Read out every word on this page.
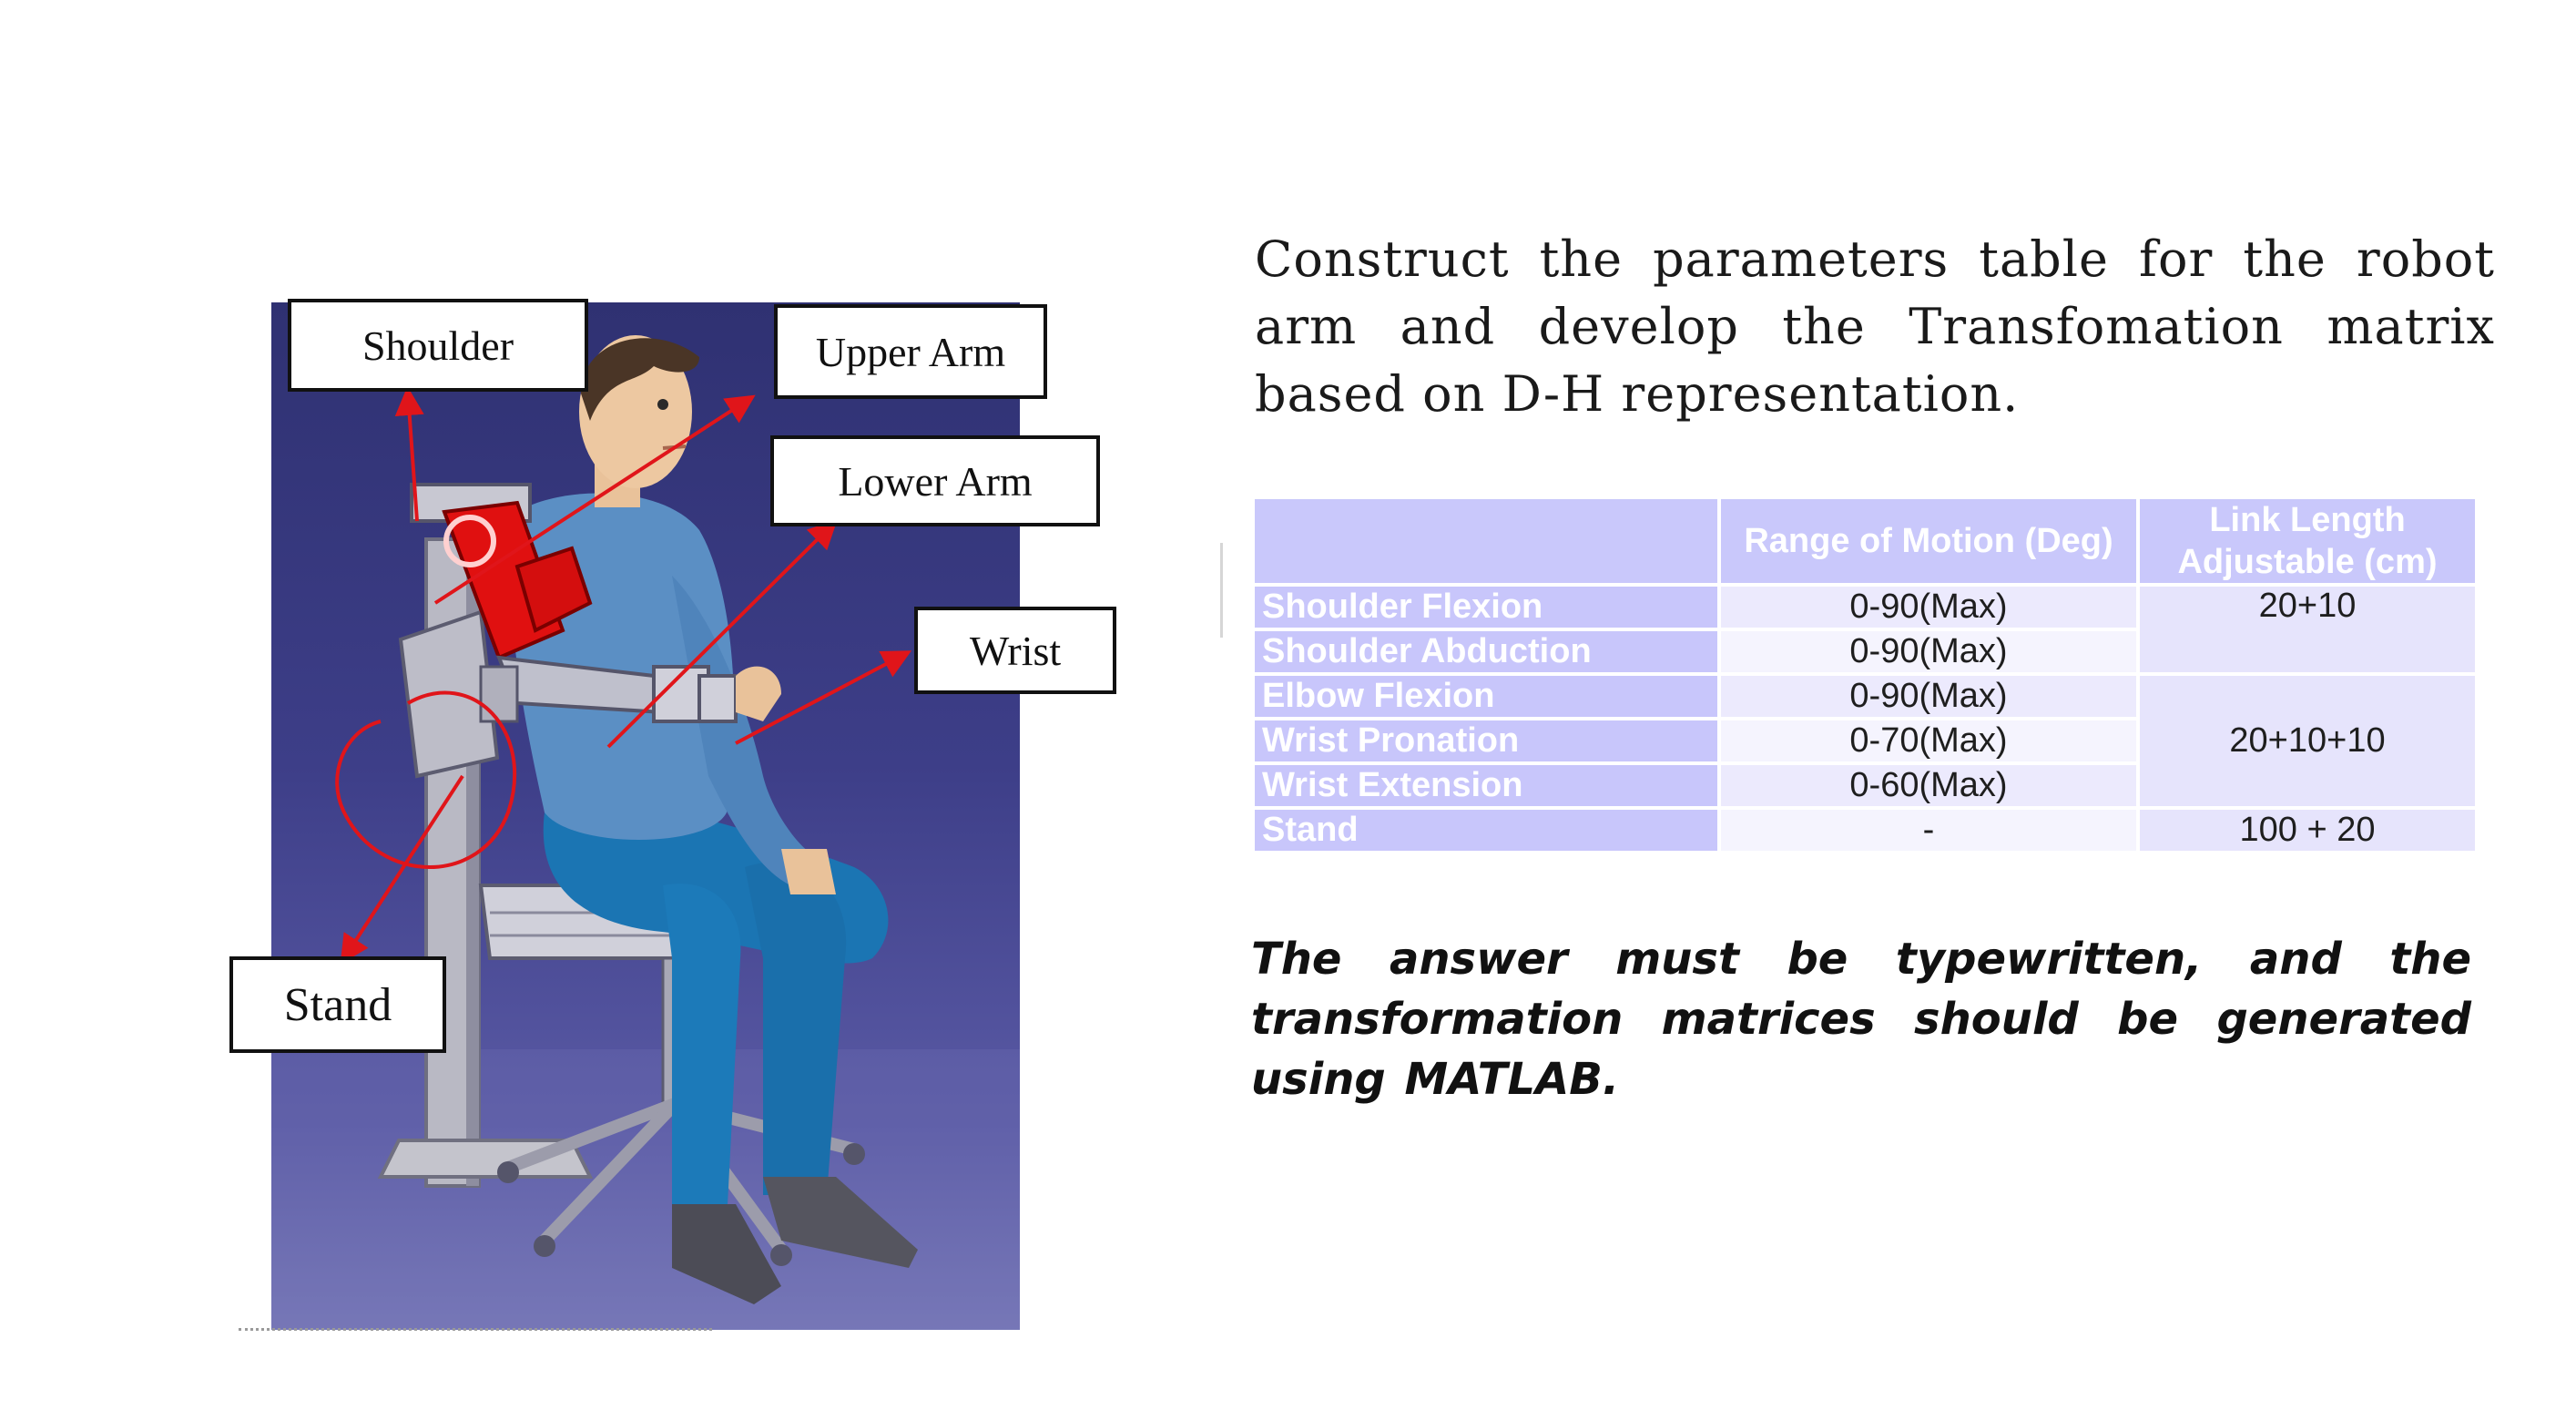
Shoulder	Upper Arm
Lower Arm
Wrist
Stand
Construct the parameters table for the robot arm and develop the Transfomation matrix based on D-H representation.
	Range of Motion (Deg)	Link Length Adjustable (cm)
Shoulder Flexion	0-90(Max)	20+10
Shoulder Abduction	0-90(Max)	
Elbow Flexion	0-90(Max)	20+10+10
Wrist Pronation	0-70(Max)	
Wrist Extension	0-60(Max)	
Stand	-	100 + 20
The answer must be typewritten, and the transformation matrices should be generated using MATLAB.
